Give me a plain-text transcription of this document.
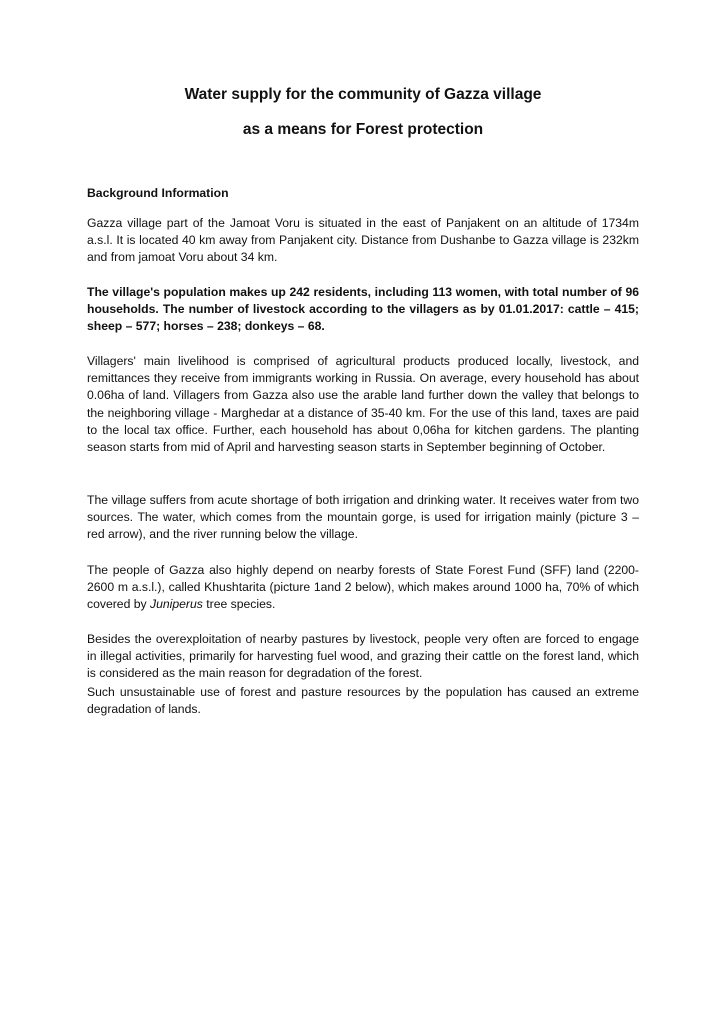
Water supply for the community of Gazza village
as a means for Forest protection
Background Information

Gazza village part of the Jamoat Voru is situated in the east of Panjakent on an altitude of 1734m a.s.l. It is located 40 km away from Panjakent city. Distance from Dushanbe to Gazza village is 232km and from jamoat Voru about 34 km.

The village's population makes up 242 residents, including 113 women, with total number of 96 households. The number of livestock according to the villagers as by 01.01.2017: cattle – 415; sheep – 577; horses – 238; donkeys – 68.

Villagers' main livelihood is comprised of agricultural products produced locally, livestock, and remittances they receive from immigrants working in Russia. On average, every household has about 0.06ha of land. Villagers from Gazza also use the arable land further down the valley that belongs to the neighboring village - Marghedar at a distance of 35-40 km. For the use of this land, taxes are paid to the local tax office. Further, each household has about 0,06ha for kitchen gardens. The planting season starts from mid of April and harvesting season starts in September beginning of October.

The village suffers from acute shortage of both irrigation and drinking water. It receives water from two sources. The water, which comes from the mountain gorge, is used for irrigation mainly (picture 3 – red arrow), and the river running below the village.

The people of Gazza also highly depend on nearby forests of State Forest Fund (SFF) land (2200-2600 m a.s.l.), called Khushtarita (picture 1and 2 below), which makes around 1000 ha, 70% of which covered by Juniperus tree species.

Besides the overexploitation of nearby pastures by livestock, people very often are forced to engage in illegal activities, primarily for harvesting fuel wood, and grazing their cattle on the forest land, which is considered as the main reason for degradation of the forest.

Such unsustainable use of forest and pasture resources by the population has caused an extreme degradation of lands.
